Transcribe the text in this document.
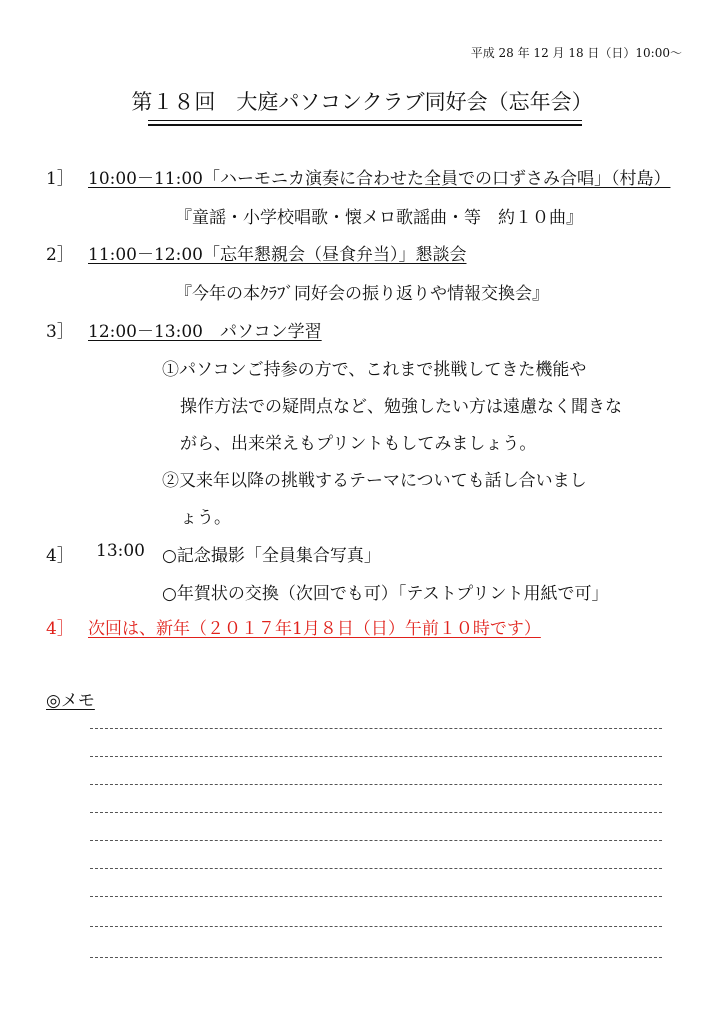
平成 28 年 12 月 18 日（日）10:00～
第１８回　大庭パソコンクラブ同好会（忘年会）
1］ 10:00－11:00「ハーモニカ演奏に合わせた全員での口ずさみ合唱」（村島）
『童謡・小学校唱歌・懐メロ歌謡曲・等　約１０曲』
2］ 11:00－12:00「忘年懇親会（昼食弁当）」懇談会
『今年の本ｸﾗﾌﾞ同好会の振り返りや情報交換会』
3］ 12:00－13:00　パソコン学習
①パソコンご持参の方で、これまで挑戦してきた機能や
操作方法での疑問点など、勉強したい方は遠慮なく聞きな
がら、出来栄えもプリントもしてみましょう。
②又来年以降の挑戦するテーマについても話し合いまし
ょう。
4］ 13:00 ○記念撮影「全員集合写真」
○年賀状の交換（次回でも可）「テストプリント用紙で可」
4］ 次回は、新年（２０１７年1月８日（日）午前１０時です）
◎メモ
